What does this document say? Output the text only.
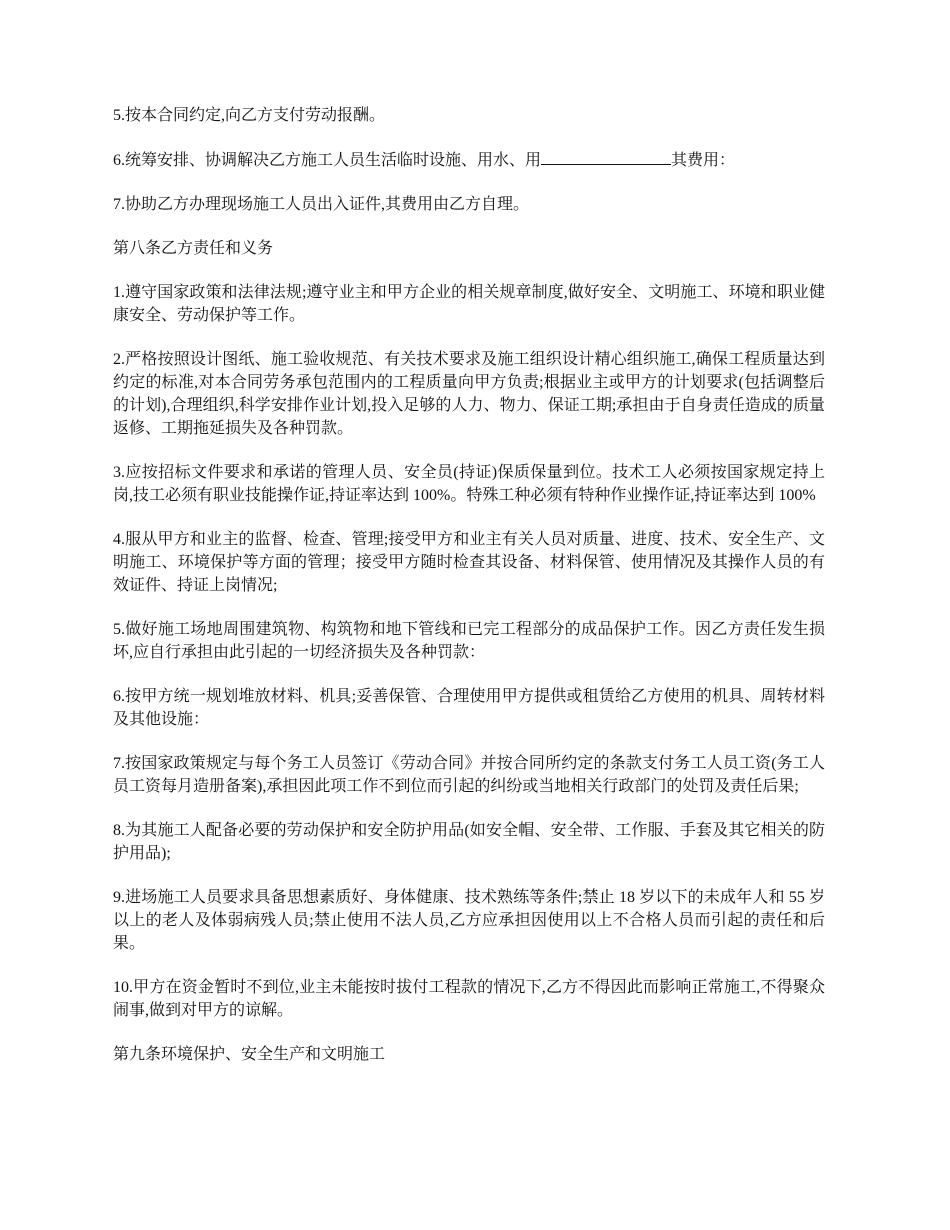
5.按本合同约定,向乙方支付劳动报酬。

6.统筹安排、协调解决乙方施工人员生活临时设施、用水、用	其费用：

7.协助乙方办理现场施工人员出入证件,其费用由乙方自理。

第八条乙方责任和义务

1.遵守国家政策和法律法规;遵守业主和甲方企业的相关规章制度,做好安全、文明施工、环境和职业健康安全、劳动保护等工作。

2.严格按照设计图纸、施工验收规范、有关技术要求及施工组织设计精心组织施工,确保工程质量达到约定的标准,对本合同劳务承包范围内的工程质量向甲方负责;根据业主或甲方的计划要求(包括调整后的计划),合理组织,科学安排作业计划,投入足够的人力、物力、保证工期;承担由于自身责任造成的质量返修、工期拖延损失及各种罚款。

3.应按招标文件要求和承诺的管理人员、安全员(持证)保质保量到位。技术工人必须按国家规定持上岗,技工必须有职业技能操作证,持证率达到 100%。特殊工种必须有特种作业操作证,持证率达到 100%

4.服从甲方和业主的监督、检查、管理;接受甲方和业主有关人员对质量、进度、技术、安全生产、文明施工、环境保护等方面的管理；接受甲方随时检查其设备、材料保管、使用情况及其操作人员的有效证件、持证上岗情况;

5.做好施工场地周围建筑物、构筑物和地下管线和已完工程部分的成品保护工作。因乙方责任发生损坏,应自行承担由此引起的一切经济损失及各种罚款：

6.按甲方统一规划堆放材料、机具;妥善保管、合理使用甲方提供或租赁给乙方使用的机具、周转材料及其他设施：

7.按国家政策规定与每个务工人员签订《劳动合同》并按合同所约定的条款支付务工人员工资(务工人员工资每月造册备案),承担因此项工作不到位而引起的纠纷或当地相关行政部门的处罚及责任后果;

8.为其施工人配备必要的劳动保护和安全防护用品(如安全帽、安全带、工作服、手套及其它相关的防护用品);

9.进场施工人员要求具备思想素质好、身体健康、技术熟练等条件;禁止 18 岁以下的未成年人和 55 岁以上的老人及体弱病残人员;禁止使用不法人员,乙方应承担因使用以上不合格人员而引起的责任和后果。

10.甲方在资金暂时不到位,业主未能按时拔付工程款的情况下,乙方不得因此而影响正常施工,不得聚众闹事,做到对甲方的谅解。

第九条环境保护、安全生产和文明施工
